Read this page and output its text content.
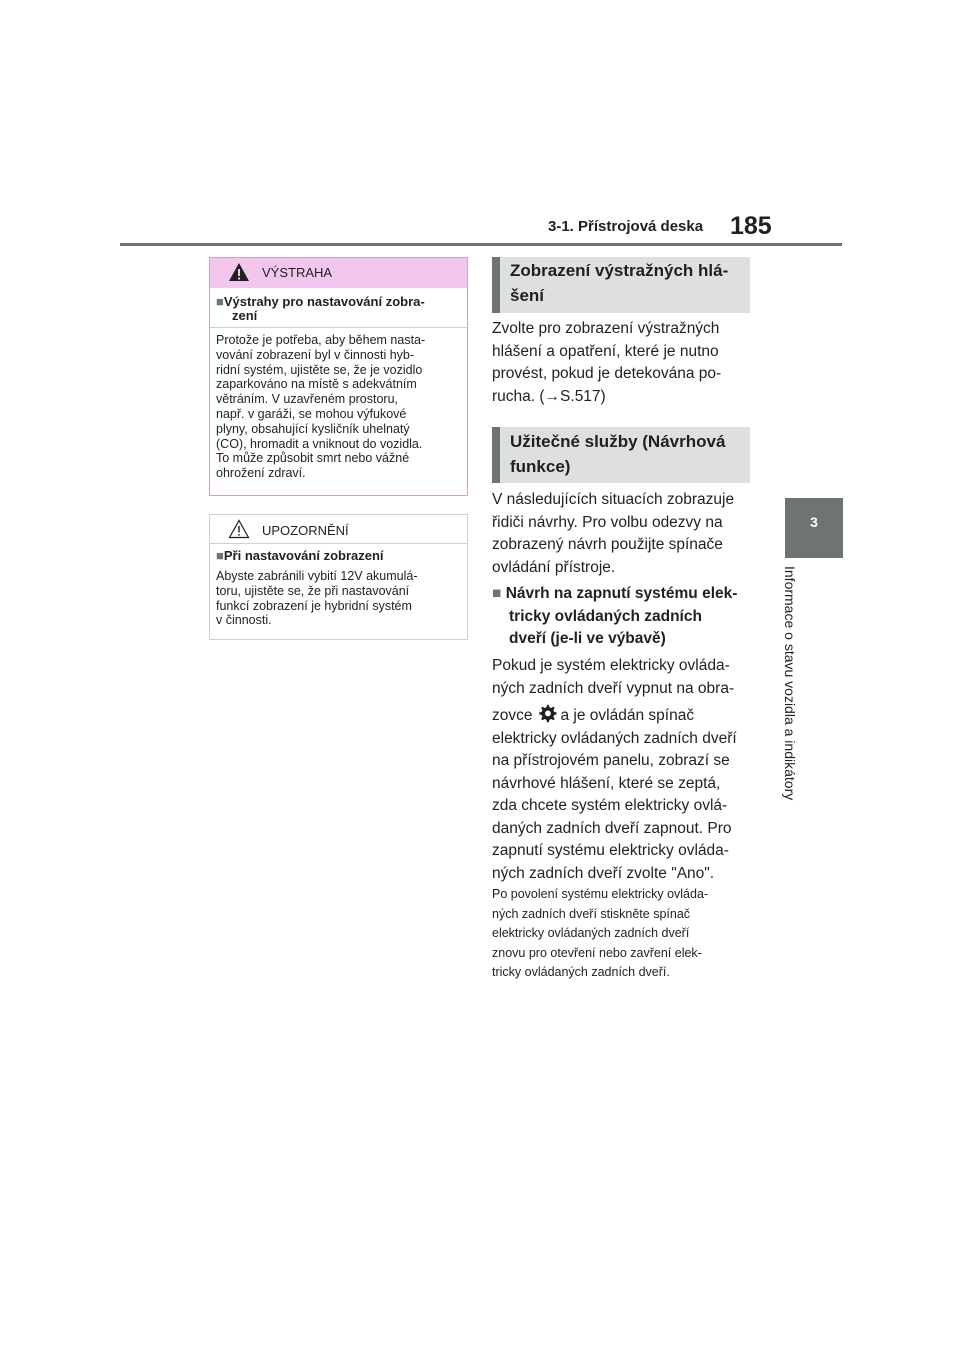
3-1. Přístrojová deska 185
3
Informace o stavu vozidla a indikátory
VÝSTRAHA
■Výstrahy pro nastavování zobra-
zení
Protože je potřeba, aby během nasta-
vování zobrazení byl v činnosti hyb-
ridní systém, ujistěte se, že je vozidlo
zaparkováno na místě s adekvátním
větráním. V uzavřeném prostoru,
např. v garáži, se mohou výfukové
plyny, obsahující kysličník uhelnatý
(CO), hromadit a vniknout do vozidla.
To může způsobit smrt nebo vážné
ohrožení zdraví.
UPOZORNĚNÍ
■Při nastavování zobrazení
Abyste zabránili vybití 12V akumulá-
toru, ujistěte se, že při nastavování
funkcí zobrazení je hybridní systém
v činnosti.
Zobrazení výstražných hlá-
šení
Zvolte pro zobrazení výstražných
hlášení a opatření, které je nutno
provést, pokud je detekována po-
rucha. (→S.517)
Užitečné služby (Návrhová
funkce)
V následujících situacích zobrazuje
řidiči návrhy. Pro volbu odezvy na
zobrazený návrh použijte spínače
ovládání přístroje.
■ Návrh na zapnutí systému elek-
tricky ovládaných zadních
dveří (je-li ve výbavě)
Pokud je systém elektricky ovláda-
ných zadních dveří vypnut na obra-
zovce a je ovládán spínač
elektricky ovládaných zadních dveří
na přístrojovém panelu, zobrazí se
návrhové hlášení, které se zeptá,
zda chcete systém elektricky ovlá-
daných zadních dveří zapnout. Pro
zapnutí systému elektricky ovláda-
ných zadních dveří zvolte "Ano".
Po povolení systému elektricky ovláda-
ných zadních dveří stiskněte spínač
elektricky ovládaných zadních dveří
znovu pro otevření nebo zavření elek-
tricky ovládaných zadních dveří.
